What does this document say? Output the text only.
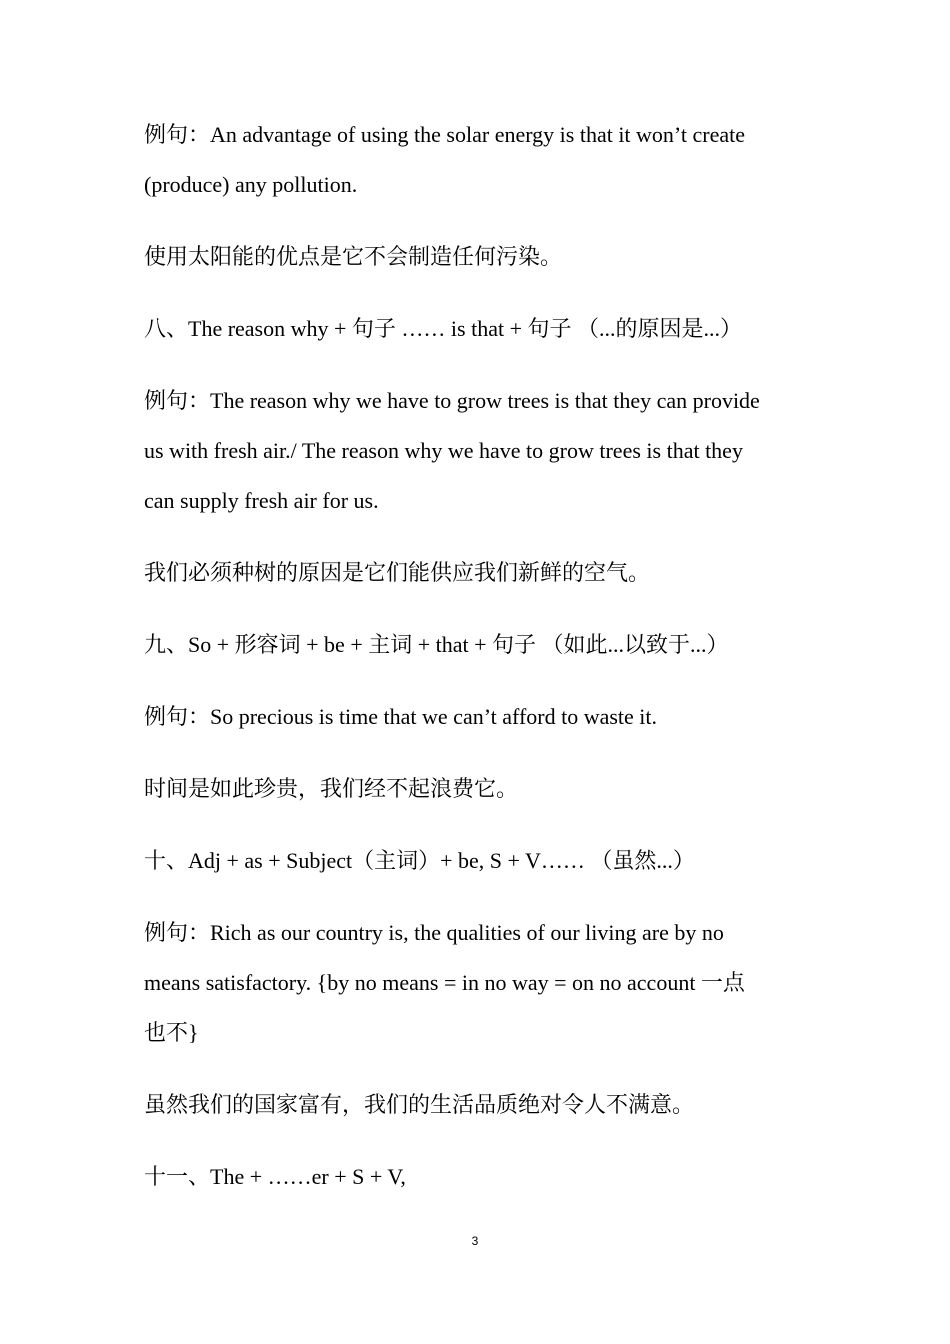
例句：An advantage of using the solar energy is that it won’t create
(produce) any pollution.
使用太阳能的优点是它不会制造任何污染。
八、The reason why + 句子 …… is that + 句子 （...的原因是...）
例句：The reason why we have to grow trees is that they can provide
us with fresh air./ The reason why we have to grow trees is that they
can supply fresh air for us.
我们必须种树的原因是它们能供应我们新鲜的空气。
九、So + 形容词 + be + 主词 + that + 句子 （如此...以致于...）
例句：So precious is time that we can’t afford to waste it.
时间是如此珍贵，我们经不起浪费它。
十、Adj + as + Subject（主词）+ be, S + V…… （虽然...）
例句：Rich as our country is, the qualities of our living are by no
means satisfactory. {by no means = in no way = on no account 一点
也不}
虽然我们的国家富有，我们的生活品质绝对令人不满意。
十一、The + ……er + S + V,
3
